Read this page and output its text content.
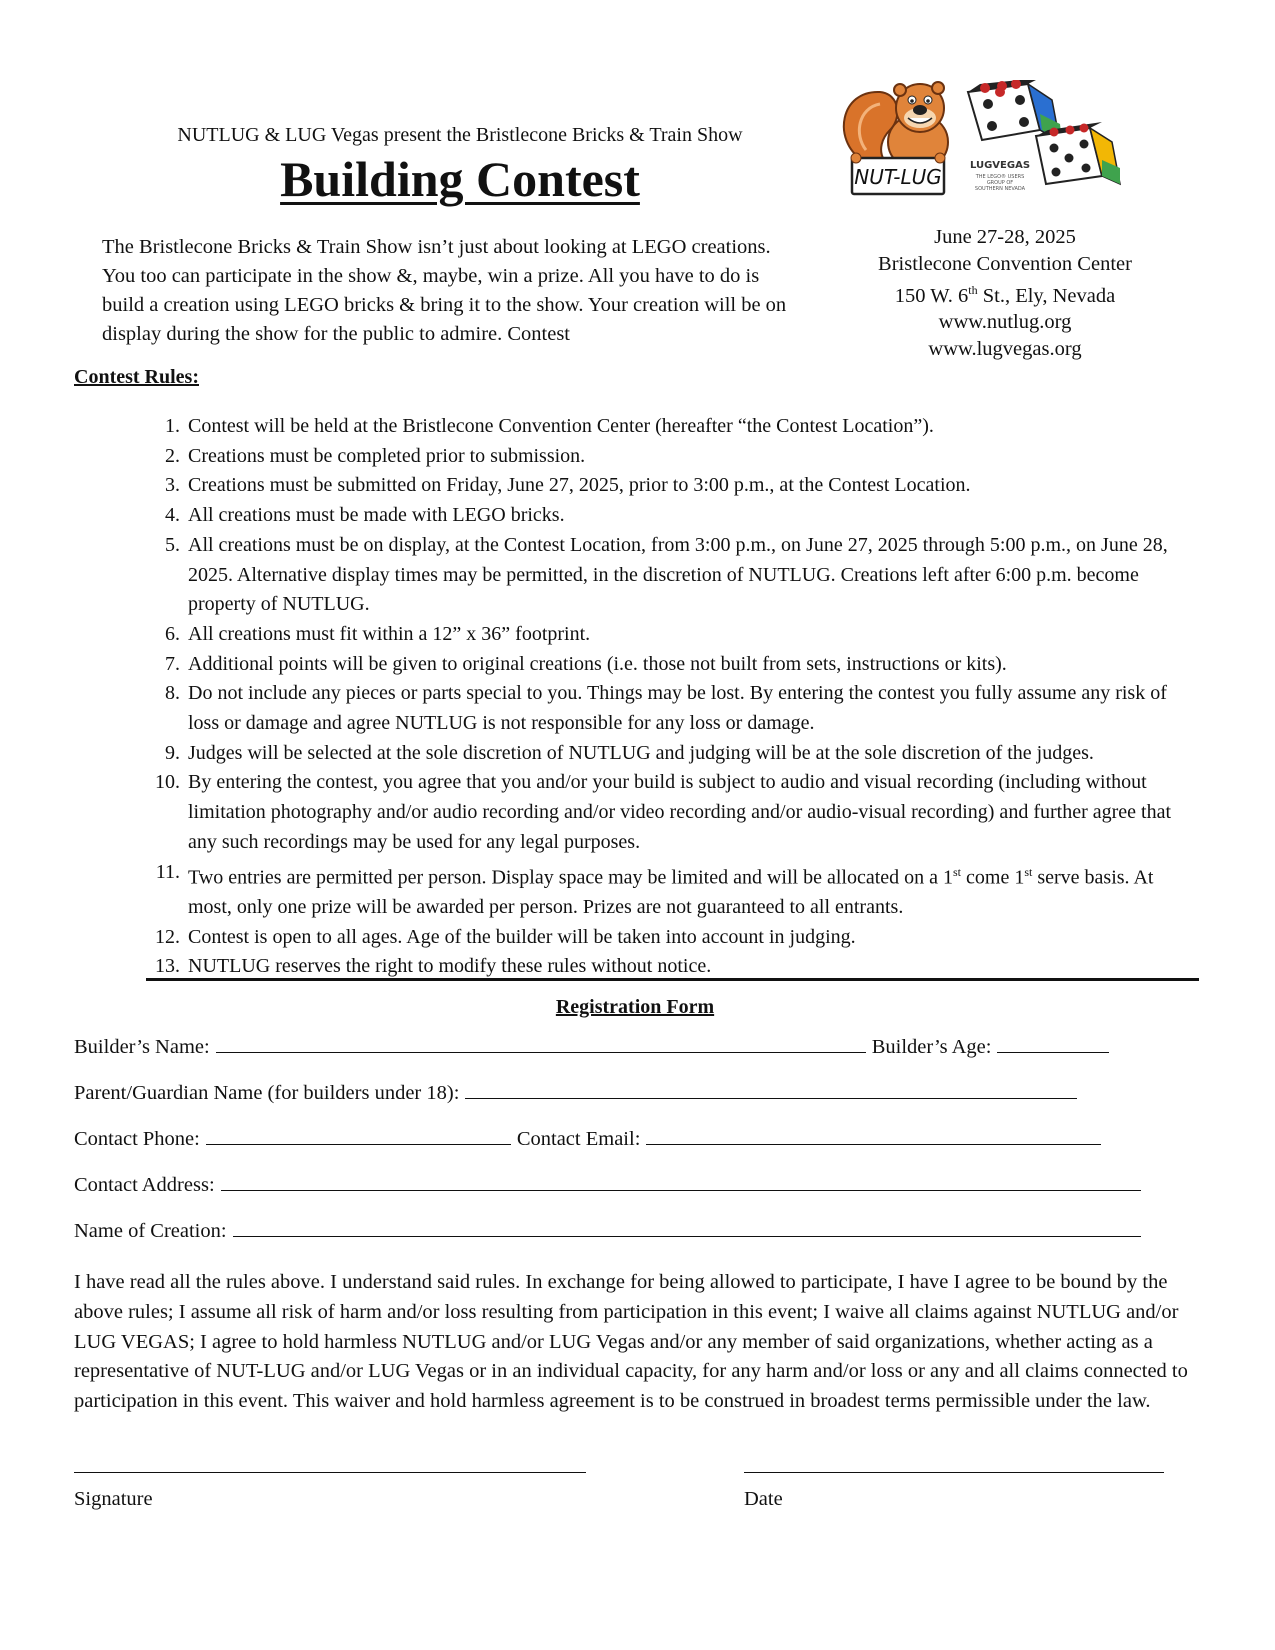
NUTLUG & LUG Vegas present the Bristlecone Bricks & Train Show
Building Contest	NUT-LUG	LUGVEGAS
THE LEGO® USERS
GROUP OF
SOUTHERN NEVADA
The Bristlecone Bricks & Train Show isn’t just about looking at LEGO creations. You too can participate in the show &, maybe, win a prize. All you have to do is build a creation using LEGO bricks & bring it to the show. Your creation will be on display during the show for the public to admire. Contest
June 27-28, 2025
Bristlecone Convention Center
150 W. 6th St., Ely, Nevada
www.nutlug.org
www.lugvegas.org
Contest Rules:
1. Contest will be held at the Bristlecone Convention Center (hereafter “the Contest Location”).
2. Creations must be completed prior to submission.
3. Creations must be submitted on Friday, June 27, 2025, prior to 3:00 p.m., at the Contest Location.
4. All creations must be made with LEGO bricks.
5. All creations must be on display, at the Contest Location, from 3:00 p.m., on June 27, 2025 through 5:00 p.m., on June 28, 2025. Alternative display times may be permitted, in the discretion of NUTLUG. Creations left after 6:00 p.m. become property of NUTLUG.
6. All creations must fit within a 12” x 36” footprint.
7. Additional points will be given to original creations (i.e. those not built from sets, instructions or kits).
8. Do not include any pieces or parts special to you. Things may be lost. By entering the contest you fully assume any risk of loss or damage and agree NUTLUG is not responsible for any loss or damage.
9. Judges will be selected at the sole discretion of NUTLUG and judging will be at the sole discretion of the judges.
10. By entering the contest, you agree that you and/or your build is subject to audio and visual recording (including without limitation photography and/or audio recording and/or video recording and/or audio-visual recording) and further agree that any such recordings may be used for any legal purposes.
11. Two entries are permitted per person. Display space may be limited and will be allocated on a 1st come 1st serve basis. At most, only one prize will be awarded per person. Prizes are not guaranteed to all entrants.
12. Contest is open to all ages. Age of the builder will be taken into account in judging.
13. NUTLUG reserves the right to modify these rules without notice.
Registration Form
Builder’s Name:	Builder’s Age:
Parent/Guardian Name (for builders under 18):
Contact Phone:	Contact Email:
Contact Address:
Name of Creation:
I have read all the rules above. I understand said rules. In exchange for being allowed to participate, I have I agree to be bound by the above rules; I assume all risk of harm and/or loss resulting from participation in this event; I waive all claims against NUTLUG and/or LUG VEGAS; I agree to hold harmless NUTLUG and/or LUG Vegas and/or any member of said organizations, whether acting as a representative of NUT-LUG and/or LUG Vegas or in an individual capacity, for any harm and/or loss or any and all claims connected to participation in this event. This waiver and hold harmless agreement is to be construed in broadest terms permissible under the law.
Signature	Date
